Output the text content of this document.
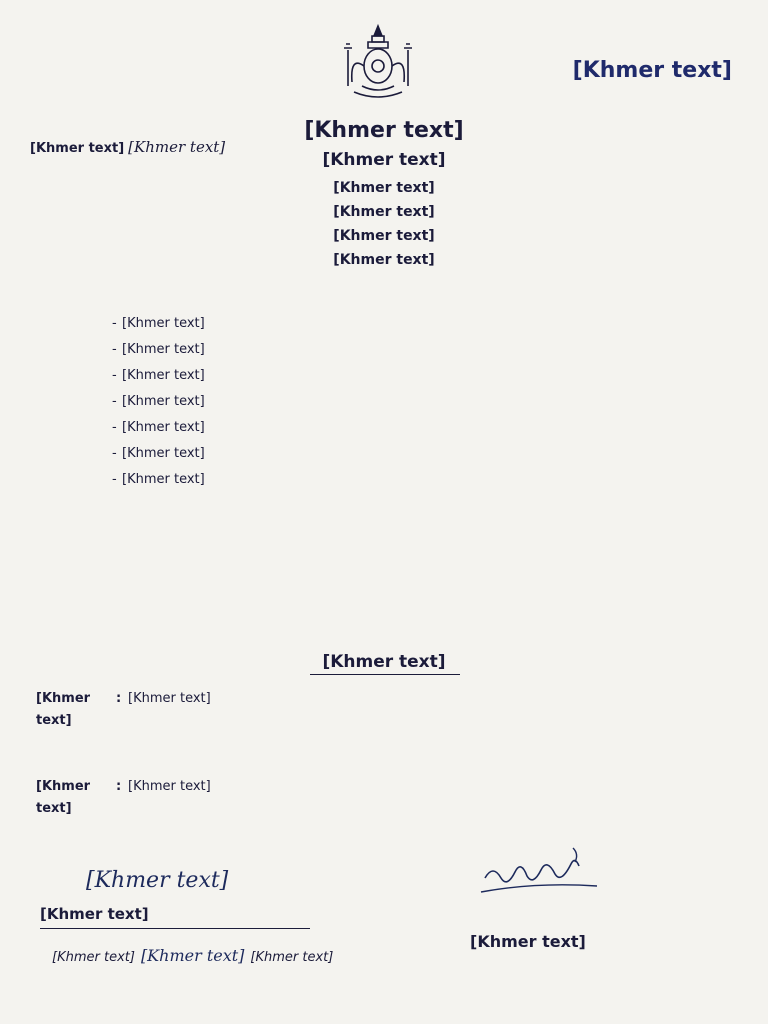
[Khmer text]
[Khmer text] [Khmer text]
[Khmer text]
[Khmer text]
[Khmer text]
[Khmer text]
[Khmer text]
[Khmer text]
- [Khmer text]
- [Khmer text]
- [Khmer text]
- [Khmer text]
- [Khmer text]
- [Khmer text]
- [Khmer text]
[Khmer text]
[Khmer text]
: [Khmer text]
[Khmer text]
: [Khmer text]
[Khmer text]
[Khmer text]
[Khmer text] [Khmer text] [Khmer text]
[Khmer text]
